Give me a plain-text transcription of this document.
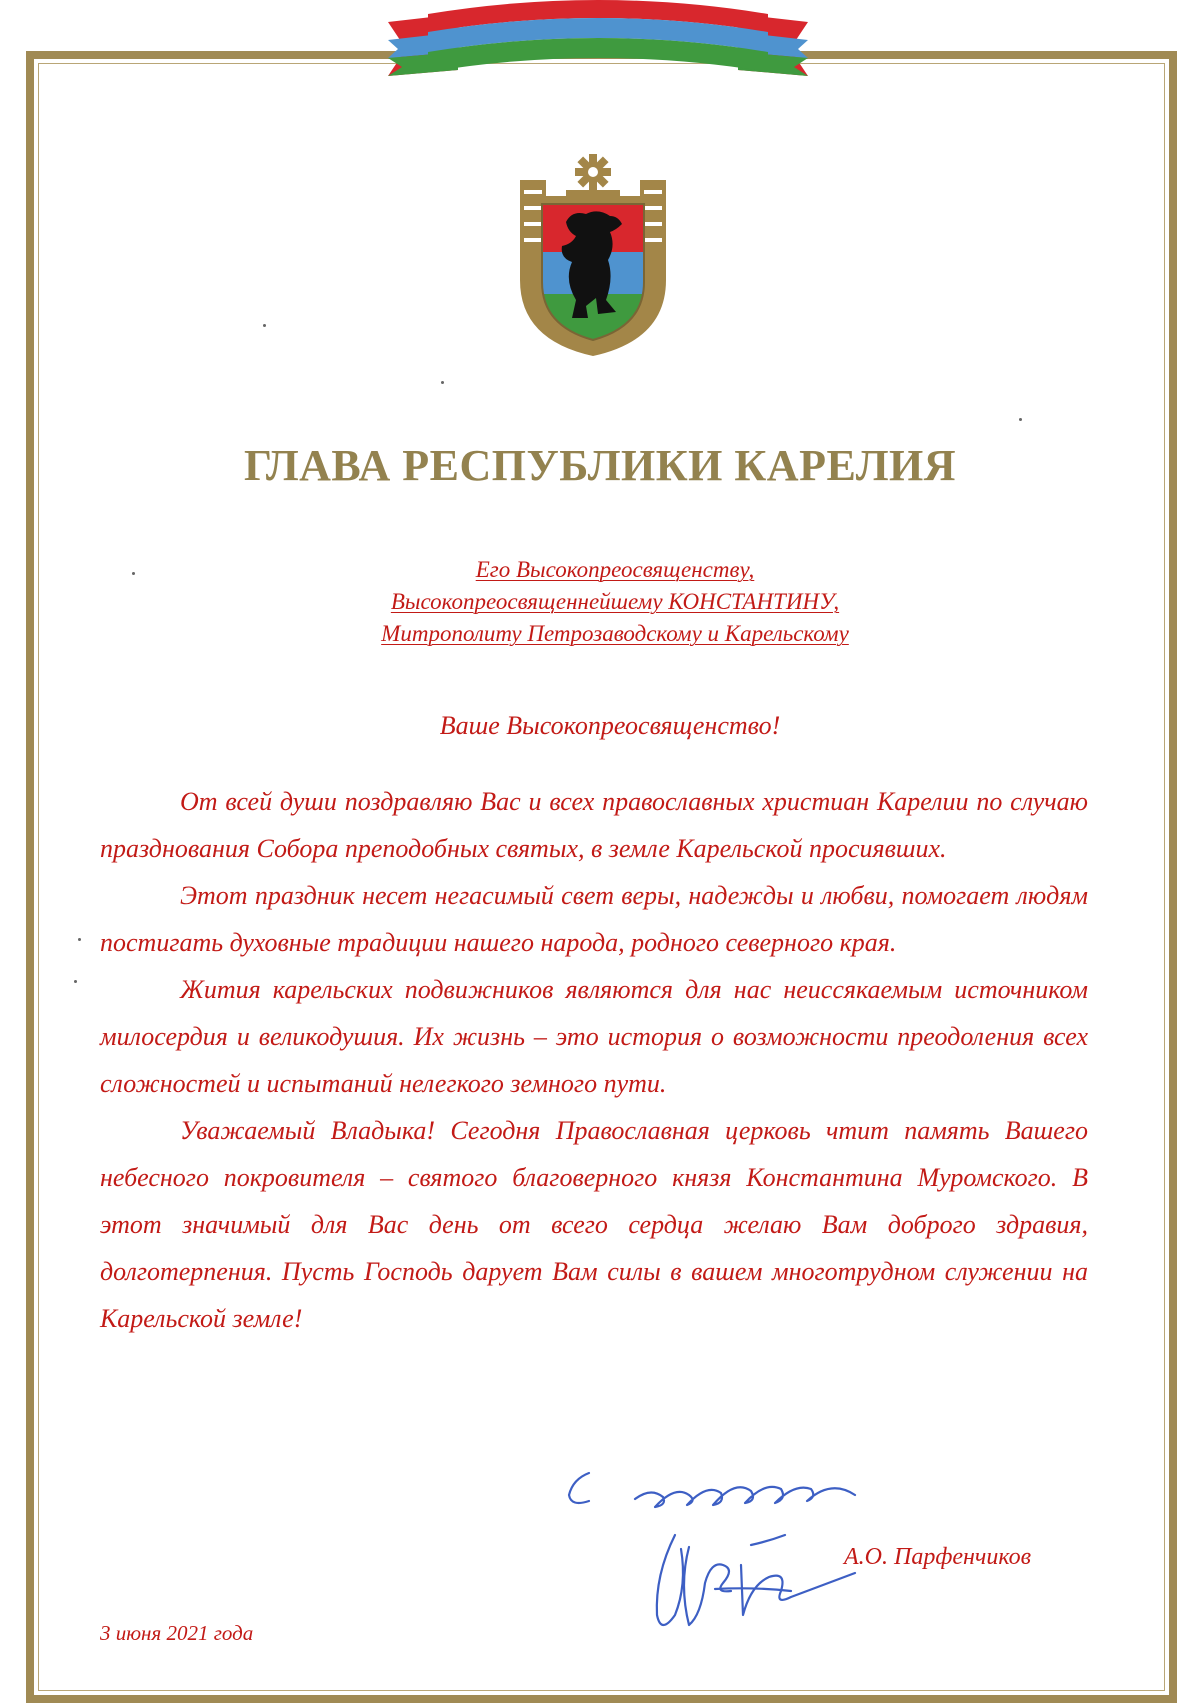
ГЛАВА РЕСПУБЛИКИ КАРЕЛИЯ
Его Высокопреосвященству,
Высокопреосвященнейшему КОНСТАНТИНУ,
Митрополиту Петрозаводскому и Карельскому
Ваше Высокопреосвященство!

От всей души поздравляю Вас и всех православных христиан Карелии по случаю празднования Собора преподобных святых, в земле Карельской просиявших.

Этот праздник несет негасимый свет веры, надежды и любви, помогает людям постигать духовные традиции нашего народа, родного северного края.

Жития карельских подвижников являются для нас неиссякаемым источником милосердия и великодушия. Их жизнь – это история о возможности преодоления всех сложностей и испытаний нелегкого земного пути.

Уважаемый Владыка! Сегодня Православная церковь чтит память Вашего небесного покровителя – святого благоверного князя Константина Муромского. В этот значимый для Вас день от всего сердца желаю Вам доброго здравия, долготерпения. Пусть Господь дарует Вам силы в вашем многотрудном служении на Карельской земле!

А.О. Парфенчиков
3 июня 2021 года
